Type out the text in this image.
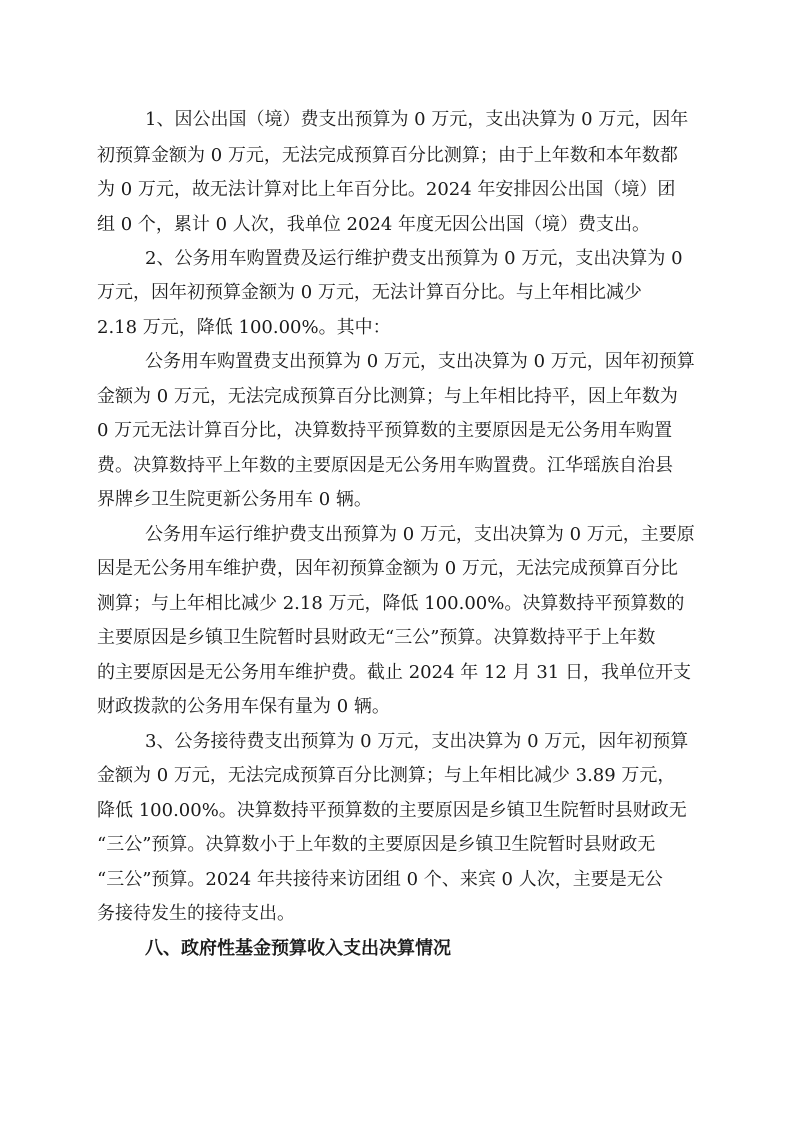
1、因公出国（境）费支出预算为 0 万元，支出决算为 0 万元，因年
初预算金额为 0 万元，无法完成预算百分比测算；由于上年数和本年数都
为 0 万元，故无法计算对比上年百分比。2024 年安排因公出国（境）团
组 0 个，累计 0 人次，我单位 2024 年度无因公出国（境）费支出。
2、公务用车购置费及运行维护费支出预算为 0 万元，支出决算为 0
万元，因年初预算金额为 0 万元，无法计算百分比。与上年相比减少
2.18 万元，降低 100.00%。其中：
公务用车购置费支出预算为 0 万元，支出决算为 0 万元，因年初预算
金额为 0 万元，无法完成预算百分比测算；与上年相比持平，因上年数为
0 万元无法计算百分比，决算数持平预算数的主要原因是无公务用车购置
费。决算数持平上年数的主要原因是无公务用车购置费。江华瑶族自治县
界牌乡卫生院更新公务用车 0 辆。
公务用车运行维护费支出预算为 0 万元，支出决算为 0 万元，主要原
因是无公务用车维护费，因年初预算金额为 0 万元，无法完成预算百分比
测算；与上年相比减少 2.18 万元，降低 100.00%。决算数持平预算数的
主要原因是乡镇卫生院暂时县财政无“三公”预算。决算数持平于上年数
的主要原因是无公务用车维护费。截止 2024 年 12 月 31 日，我单位开支
财政拨款的公务用车保有量为 0 辆。
3、公务接待费支出预算为 0 万元，支出决算为 0 万元，因年初预算
金额为 0 万元，无法完成预算百分比测算；与上年相比减少 3.89 万元，
降低 100.00%。决算数持平预算数的主要原因是乡镇卫生院暂时县财政无
“三公”预算。决算数小于上年数的主要原因是乡镇卫生院暂时县财政无
“三公”预算。2024 年共接待来访团组 0 个、来宾 0 人次，主要是无公
务接待发生的接待支出。
八、政府性基金预算收入支出决算情况
